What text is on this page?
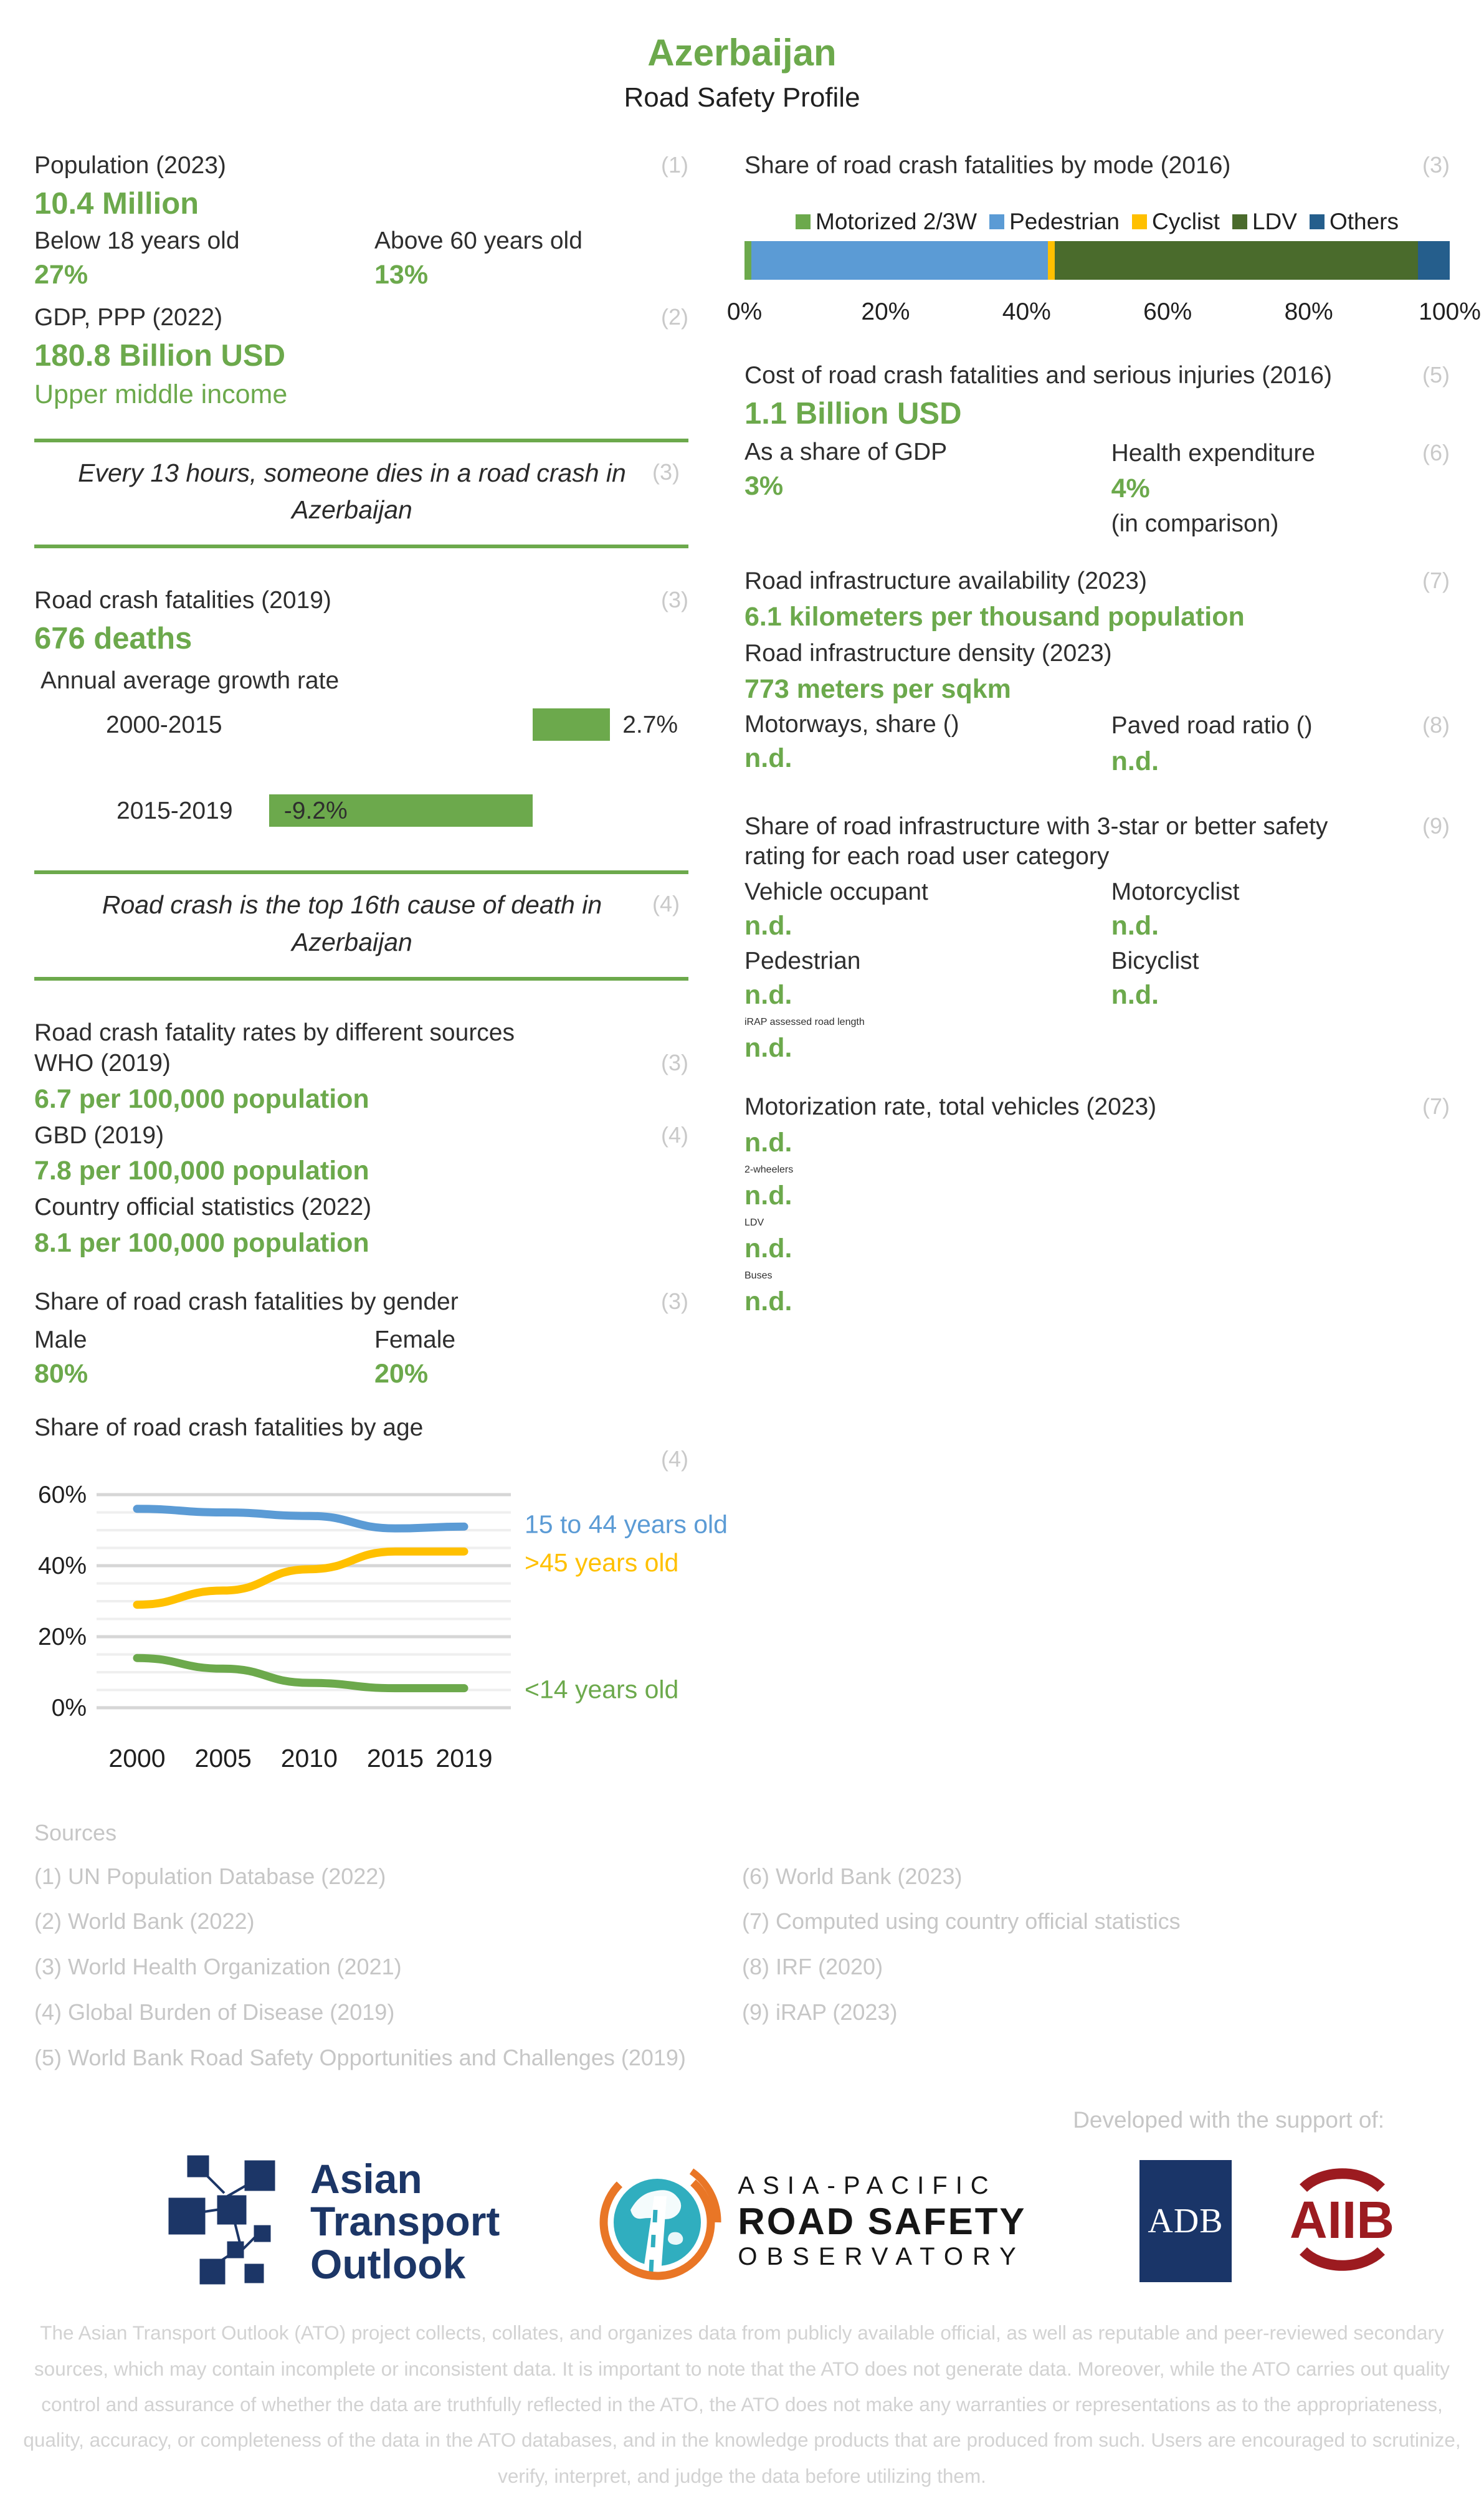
Azerbaijan
Road Safety Profile
Population (2023)	(1)
10.4 Million
Below 18 years old
27%
Above 60 years old
13%
GDP, PPP (2022)	(2)
180.8 Billion USD
Upper middle income
(3)
Every 13 hours, someone dies in a road crash in
Azerbaijan
Road crash fatalities (2019)	(3)
676 deaths
Annual average growth rate
2000-2015	2.7%
2015-2019 -9.2%
(4)
Road crash is the top 16th cause of death in
Azerbaijan
Road crash fatality rates by different sources
WHO (2019)	(3)
6.7 per 100,000 population
GBD (2019)	(4)
7.8 per 100,000 population
Country official statistics (2022)
8.1 per 100,000 population
Share of road crash fatalities by gender	(3)
Male
80%
Female
20%
Share of road crash fatalities by age
(4)
0%
20%
40%
60%
2000 2005 2010 2015 2019
15 to 44 years old
>45 years old
<14 years old
Share of road crash fatalities by mode (2016)	(3)
Motorized 2/3W Pedestrian Cyclist LDV Others
0%	20%	40%	60%	80%	100%
Cost of road crash fatalities and serious injuries (2016)	(5)
1.1 Billion USD
As a share of GDP
3%
Health expenditure	(6)
4%
(in comparison)
Road infrastructure availability (2023)	(7)
6.1 kilometers per thousand population
Road infrastructure density (2023)
773 meters per sqkm
Motorways, share ()
n.d.
Paved road ratio ()	(8)
n.d.
Share of road infrastructure with 3-star or better safety rating for each road user category
(9)
Vehicle occupant
n.d.
Pedestrian
n.d.
Motorcyclist
n.d.
Bicyclist
n.d.
iRAP assessed road length
n.d.
Motorization rate, total vehicles (2023)	(7)
n.d.
2-wheelers
n.d.
LDV
n.d.
Buses
n.d.
Sources
(1) UN Population Database (2022)
(2) World Bank (2022)
(3) World Health Organization (2021)
(4) Global Burden of Disease (2019)
(5) World Bank Road Safety Opportunities and Challenges (2019)
(6) World Bank (2023)
(7) Computed using country official statistics
(8) IRF (2020)
(9) iRAP (2023)
Developed with the support of:
Asian
Transport
Outlook
ASIA-PACIFIC
ROAD SAFETY
OBSERVATORY
ADB AIIB

The Asian Transport Outlook (ATO) project collects, collates, and organizes data from publicly available official, as well as reputable and peer-reviewed secondary sources, which may contain incomplete or inconsistent data. It is important to note that the ATO does not generate data. Moreover, while the ATO carries out quality control and assurance of whether the data are truthfully reflected in the ATO, the ATO does not make any warranties or representations as to the appropriateness, quality, accuracy, or completeness of the data in the ATO databases, and in the knowledge products that are produced from such. Users are encouraged to scrutinize, verify, interpret, and judge the data before utilizing them.
